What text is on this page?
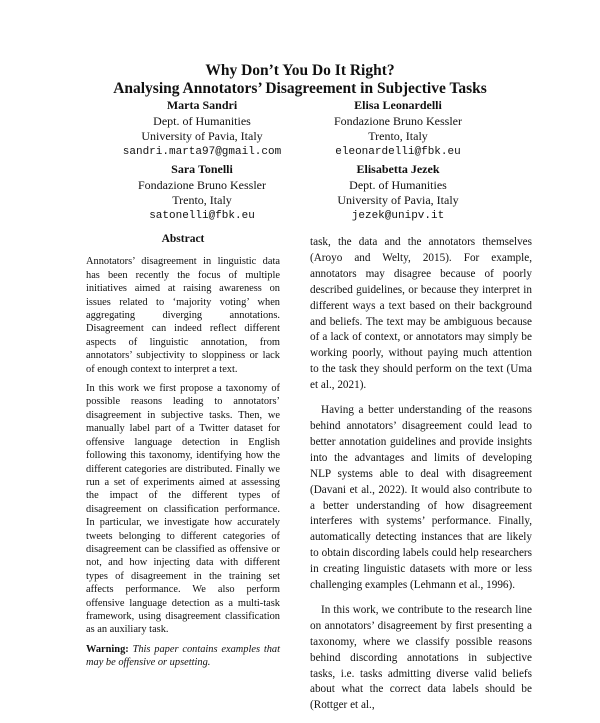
Why Don’t You Do It Right?
Analysing Annotators’ Disagreement in Subjective Tasks
Marta Sandri
Dept. of Humanities
University of Pavia, Italy
sandri.marta97@gmail.com
Elisa Leonardelli
Fondazione Bruno Kessler
Trento, Italy
eleonardelli@fbk.eu
Sara Tonelli
Fondazione Bruno Kessler
Trento, Italy
satonelli@fbk.eu
Elisabetta Jezek
Dept. of Humanities
University of Pavia, Italy
jezek@unipv.it
Abstract

Annotators’ disagreement in linguistic data has been recently the focus of multiple initiatives aimed at raising awareness on issues related to ‘majority voting’ when aggregating diverging annotations. Disagreement can indeed reflect different aspects of linguistic annotation, from annotators’ subjectivity to sloppiness or lack of enough context to interpret a text.

In this work we first propose a taxonomy of possible reasons leading to annotators’ disagreement in subjective tasks. Then, we manually label part of a Twitter dataset for offensive language detection in English following this taxonomy, identifying how the different categories are distributed. Finally we run a set of experiments aimed at assessing the impact of the different types of disagreement on classification performance. In particular, we investigate how accurately tweets belonging to different categories of disagreement can be classified as offensive or not, and how injecting data with different types of disagreement in the training set affects performance. We also perform offensive language detection as a multi-task framework, using disagreement classification as an auxiliary task.

Warning: This paper contains examples that may be offensive or upsetting.

task, the data and the annotators themselves (Aroyo and Welty, 2015). For example, annotators may disagree because of poorly described guidelines, or because they interpret in different ways a text based on their background and beliefs. The text may be ambiguous because of a lack of context, or annotators may simply be working poorly, without paying much attention to the task they should perform on the text (Uma et al., 2021).

Having a better understanding of the reasons behind annotators’ disagreement could lead to better annotation guidelines and provide insights into the advantages and limits of developing NLP systems able to deal with disagreement (Davani et al., 2022). It would also contribute to a better understanding of how disagreement interferes with systems’ performance. Finally, automatically detecting instances that are likely to obtain discording labels could help researchers in creating linguistic datasets with more or less challenging examples (Lehmann et al., 1996).

In this work, we contribute to the research line on annotators’ disagreement by first presenting a taxonomy, where we classify possible reasons behind discording annotations in subjective tasks, i.e. tasks admitting diverse valid beliefs about what the correct data labels should be (Rottger et al.,
